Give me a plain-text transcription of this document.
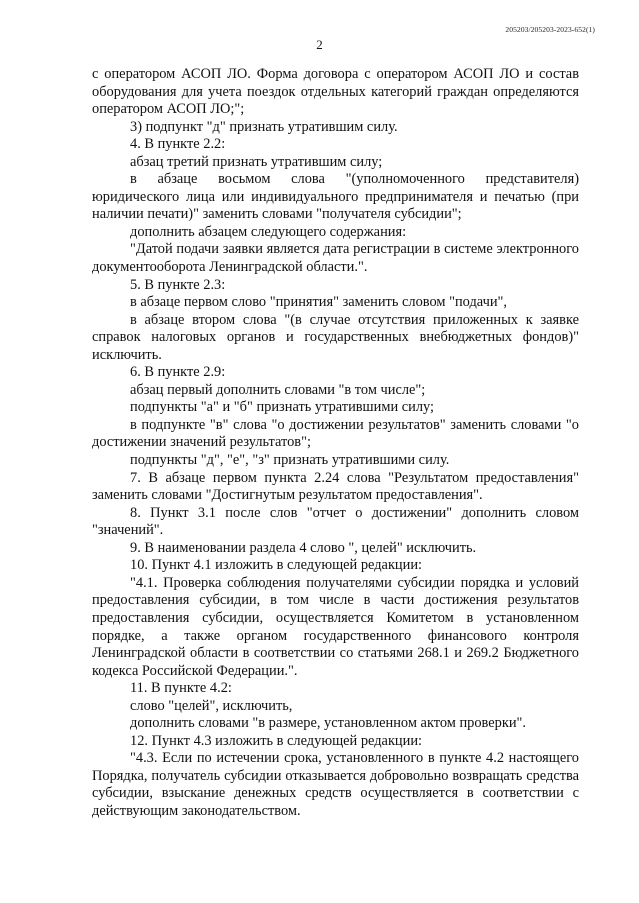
205203/205203-2023-652(1)
2

с оператором АСОП ЛО. Форма договора с оператором АСОП ЛО и состав оборудования для учета поездок отдельных категорий граждан определяются оператором АСОП ЛО;";

3) подпункт "д" признать утратившим силу.

4. В пункте 2.2:

абзац третий признать утратившим силу;

в абзаце восьмом слова "(уполномоченного представителя) юридического лица или индивидуального предпринимателя и печатью (при наличии печати)" заменить словами "получателя субсидии";

дополнить абзацем следующего содержания:

"Датой подачи заявки является дата регистрации в системе электронного документооборота Ленинградской области.".

5. В пункте 2.3:

в абзаце первом слово "принятия" заменить словом "подачи",

в абзаце втором слова "(в случае отсутствия приложенных к заявке справок налоговых органов и государственных внебюджетных фондов)" исключить.

6. В пункте 2.9:

абзац первый дополнить словами "в том числе";

подпункты "а" и "б" признать утратившими силу;

в подпункте "в" слова "о достижении результатов" заменить словами "о достижении значений результатов";

подпункты "д", "е", "з" признать утратившими силу.

7. В абзаце первом пункта 2.24 слова "Результатом предоставления" заменить словами "Достигнутым результатом предоставления".

8. Пункт 3.1 после слов "отчет о достижении" дополнить словом "значений".

9. В наименовании раздела 4 слово ", целей" исключить.

10. Пункт 4.1 изложить в следующей редакции:

"4.1. Проверка соблюдения получателями субсидии порядка и условий предоставления субсидии, в том числе в части достижения результатов предоставления субсидии, осуществляется Комитетом в установленном порядке, а также органом государственного финансового контроля Ленинградской области в соответствии со статьями 268.1 и 269.2 Бюджетного кодекса Российской Федерации.".

11. В пункте 4.2:

слово "целей", исключить,

дополнить словами "в размере, установленном актом проверки".

12. Пункт 4.3 изложить в следующей редакции:

"4.3. Если по истечении срока, установленного в пункте 4.2 настоящего Порядка, получатель субсидии отказывается добровольно возвращать средства субсидии, взыскание денежных средств осуществляется в соответствии с действующим законодательством.
